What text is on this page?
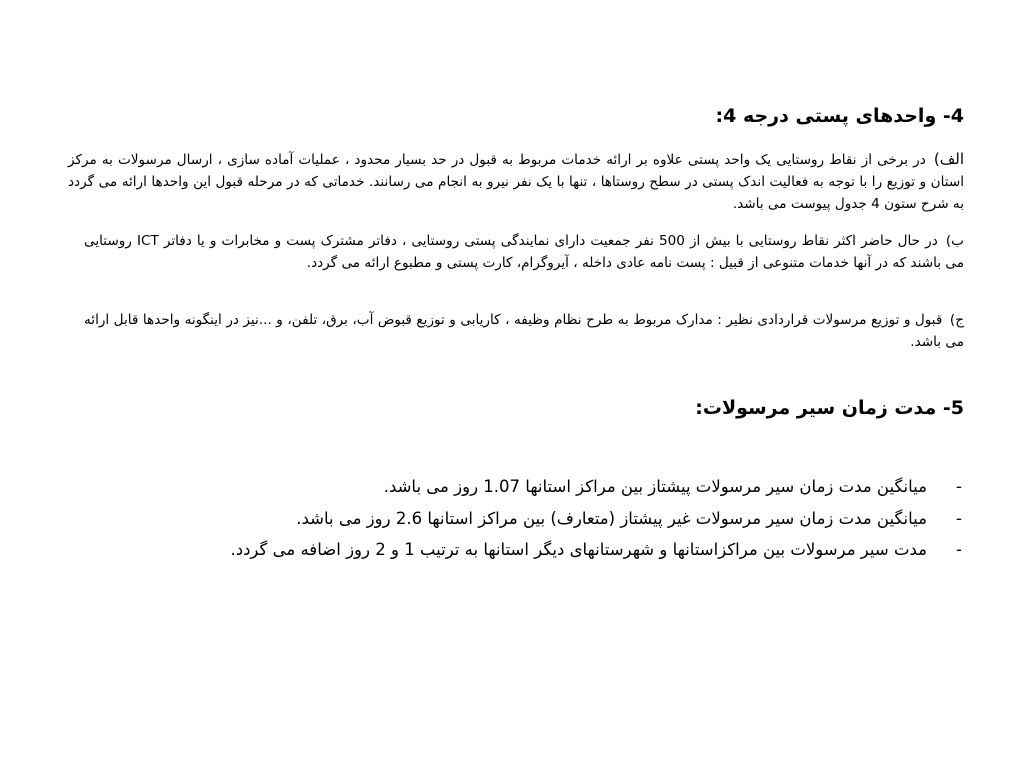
4- واحدهای پستی درجه 4:

الف) در برخی از نقاط روستایی یک واحد پستی علاوه بر ارائه خدمات مربوط به قبول در حد بسیار محدود ، عملیات آماده سازی ، ارسال مرسولات به مرکز استان و توزیع را با توجه به فعالیت اندک پستی در سطح روستاها ، تنها با یک نفر نیرو به انجام می رسانند. خدماتی که در مرحله قبول این واحدها ارائه می گردد به شرح ستون 4 جدول پیوست می باشد.

ب) در حال حاضر اکثر نقاط روستایی با بیش از 500 نفر جمعیت دارای نمایندگی پستی روستایی ، دفاتر مشترک پست و مخابرات و یا دفاتر ICT روستایی می باشند که در آنها خدمات متنوعی از قبیل : پست نامه عادی داخله ، آیروگرام، کارت پستی و مطبوع ارائه می گردد.

ج) قبول و توزیع مرسولات قراردادی نظیر : مدارک مربوط به طرح نظام وظیفه ، کاریابی و توزیع قبوض آب، برق، تلفن، و ...نیز در اینگونه واحدها قابل ارائه می باشد.

5- مدت زمان سیر مرسولات:
-
میانگین مدت زمان سیر مرسولات پیشتاز بین مراکز استانها 1.07 روز می باشد.
-
میانگین مدت زمان سیر مرسولات غیر پیشتاز (متعارف) بین مراکز استانها 2.6 روز می باشد.
-
مدت سیر مرسولات بین مراکزاستانها و شهرستانهای دیگر استانها به ترتیب 1 و 2 روز اضافه می گردد.
